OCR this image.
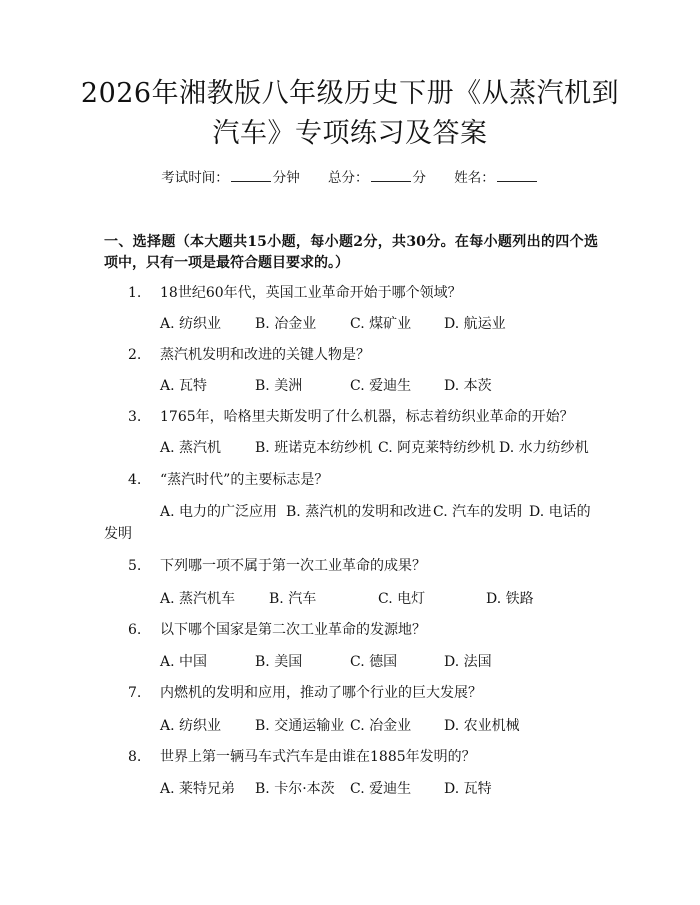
2026年湘教版八年级历史下册《从蒸汽机到
汽车》专项练习及答案
考试时间：	分钟 总分：	分 姓名：
一、选择题（本大题共15小题，每小题2分，共30分。在每小题列出的四个选项中，只有一项是最符合题目要求的。）
1. 18世纪60年代，英国工业革命开始于哪个领域？
A. 纺织业 B. 冶金业 C. 煤矿业 D. 航运业
2. 蒸汽机发明和改进的关键人物是？
A. 瓦特	B. 美洲	C. 爱迪生 D. 本茨
3. 1765年，哈格里夫斯发明了什么机器，标志着纺织业革命的开始？
A. 蒸汽机 B. 班诺克本纺纱机 C. 阿克莱特纺纱机 D. 水力纺纱机
4. “蒸汽时代”的主要标志是？
A. 电力的广泛应用 B. 蒸汽机的发明和改进 C. 汽车的发明 D. 电话的
发明
5. 下列哪一项不属于第一次工业革命的成果？
A. 蒸汽机车 B. 汽车	C. 电灯	D. 铁路
6. 以下哪个国家是第二次工业革命的发源地？
A. 中国	B. 美国	C. 德国	D. 法国
7. 内燃机的发明和应用，推动了哪个行业的巨大发展？
A. 纺织业 B. 交通运输业 C. 冶金业 D. 农业机械
8. 世界上第一辆马车式汽车是由谁在1885年发明的？
A. 莱特兄弟 B. 卡尔·本茨 C. 爱迪生 D. 瓦特
